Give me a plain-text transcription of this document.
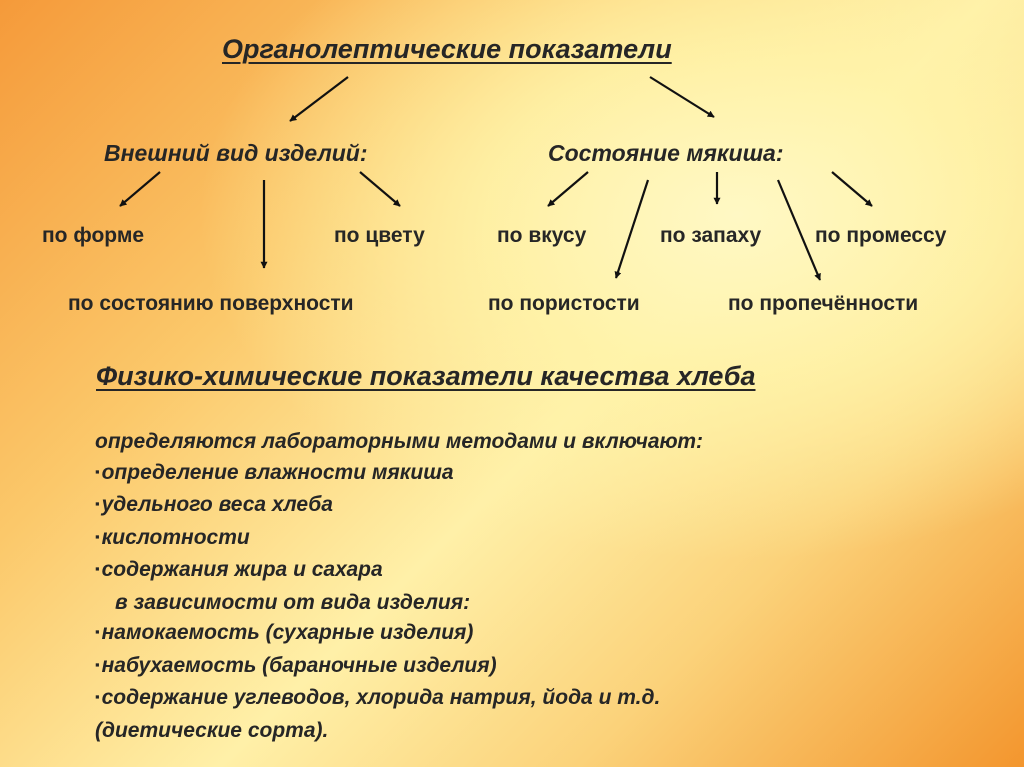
Органолептические показатели
Внешний вид изделий:	Состояние мякиша:
по форме	по цвету	по вкусу	по запаху	по промессу
по состоянию поверхности	по пористости	по пропечённости
Физико-химические показатели качества хлеба
определяются лабораторными методами и включают:
▪определение влажности мякиша
▪удельного веса хлеба
▪кислотности
▪содержания жира и сахара
в зависимости от вида изделия:
▪намокаемость (сухарные изделия)
▪набухаемость (бараночные изделия)
▪содержание углеводов, хлорида натрия, йода и т.д.
(диетические сорта).
